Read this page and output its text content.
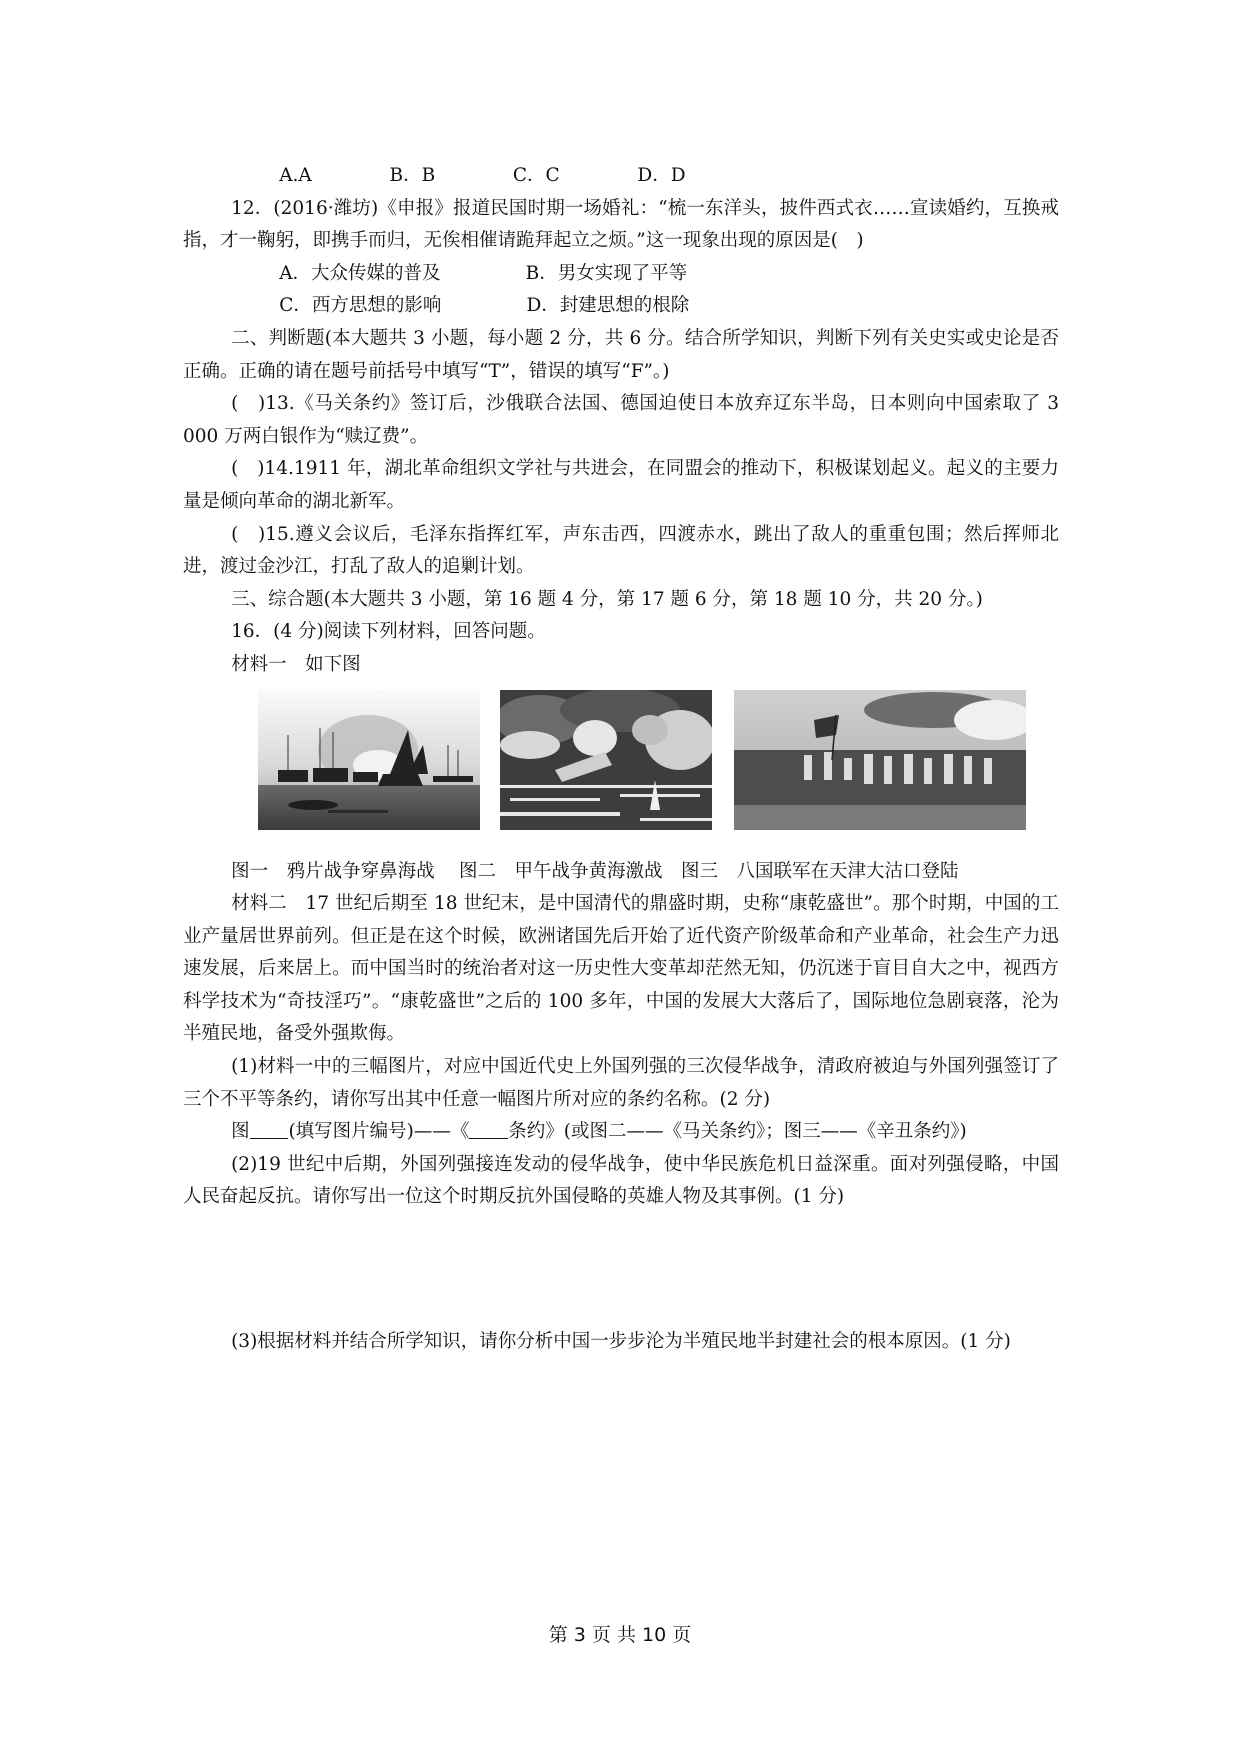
A.A	B．B	C．C	D．D

12．(2016·潍坊)《申报》报道民国时期一场婚礼：“梳一东洋头，披件西式衣……宣读婚约，互换戒指，才一鞠躬，即携手而归，无俟相催请跪拜起立之烦。”这一现象出现的原因是(　)

A．大众传媒的普及	B．男女实现了平等

C．西方思想的影响	D．封建思想的根除

二、判断题(本大题共 3 小题，每小题 2 分，共 6 分。结合所学知识，判断下列有关史实或史论是否正确。正确的请在题号前括号中填写“T”，错误的填写“F”。)

(　)13.《马关条约》签订后，沙俄联合法国、德国迫使日本放弃辽东半岛，日本则向中国索取了 3 000 万两白银作为“赎辽费”。

(　)14.1911 年，湖北革命组织文学社与共进会，在同盟会的推动下，积极谋划起义。起义的主要力量是倾向革命的湖北新军。

(　)15.遵义会议后，毛泽东指挥红军，声东击西，四渡赤水，跳出了敌人的重重包围；然后挥师北进，渡过金沙江，打乱了敌人的追剿计划。

三、综合题(本大题共 3 小题，第 16 题 4 分，第 17 题 6 分，第 18 题 10 分，共 20 分。)

16．(4 分)阅读下列材料，回答问题。

材料一　如下图

图一　鸦片战争穿鼻海战　 图二　甲午战争黄海激战　图三　八国联军在天津大沽口登陆

材料二　17 世纪后期至 18 世纪末，是中国清代的鼎盛时期，史称“康乾盛世”。那个时期，中国的工业产量居世界前列。但正是在这个时候，欧洲诸国先后开始了近代资产阶级革命和产业革命，社会生产力迅速发展，后来居上。而中国当时的统治者对这一历史性大变革却茫然无知，仍沉迷于盲目自大之中，视西方科学技术为“奇技淫巧”。“康乾盛世”之后的 100 多年，中国的发展大大落后了，国际地位急剧衰落，沦为半殖民地，备受外强欺侮。

(1)材料一中的三幅图片，对应中国近代史上外国列强的三次侵华战争，清政府被迫与外国列强签订了三个不平等条约，请你写出其中任意一幅图片所对应的条约名称。(2 分)

图 (填写图片编号)——《 条约》(或图二——《马关条约》；图三——《辛丑条约》)

(2)19 世纪中后期，外国列强接连发动的侵华战争，使中华民族危机日益深重。面对列强侵略，中国人民奋起反抗。请你写出一位这个时期反抗外国侵略的英雄人物及其事例。(1 分)

(3)根据材料并结合所学知识，请你分析中国一步步沦为半殖民地半封建社会的根本原因。(1 分)

第 3 页 共 10 页
